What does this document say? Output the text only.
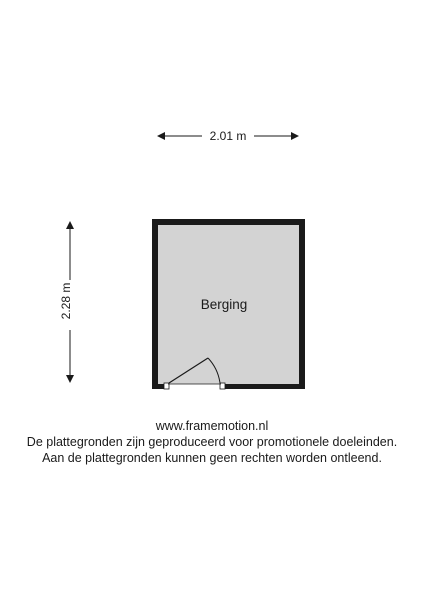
2.01 m
2.28 m	Berging
www.framemotion.nl
De plattegronden zijn geproduceerd voor promotionele doeleinden.
Aan de plattegronden kunnen geen rechten worden ontleend.
